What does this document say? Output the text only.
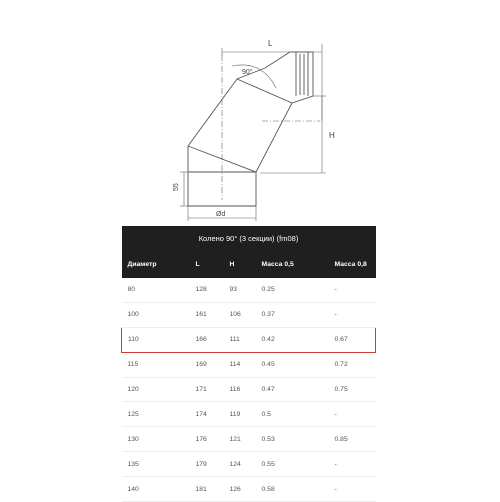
L
90°
H
55
Ød
Колено 90° (3 секции) (fm08)				
Диаметр	L	H	Масса 0,5	Масса 0,8
80	128	93	0.25	-
100	161	106	0.37	-
110	166	111	0.42	0.67
115	169	114	0.45	0.72
120	171	116	0.47	0.75
125	174	119	0.5	-
130	176	121	0.53	0.85
135	179	124	0.55	-
140	181	126	0.58	-
